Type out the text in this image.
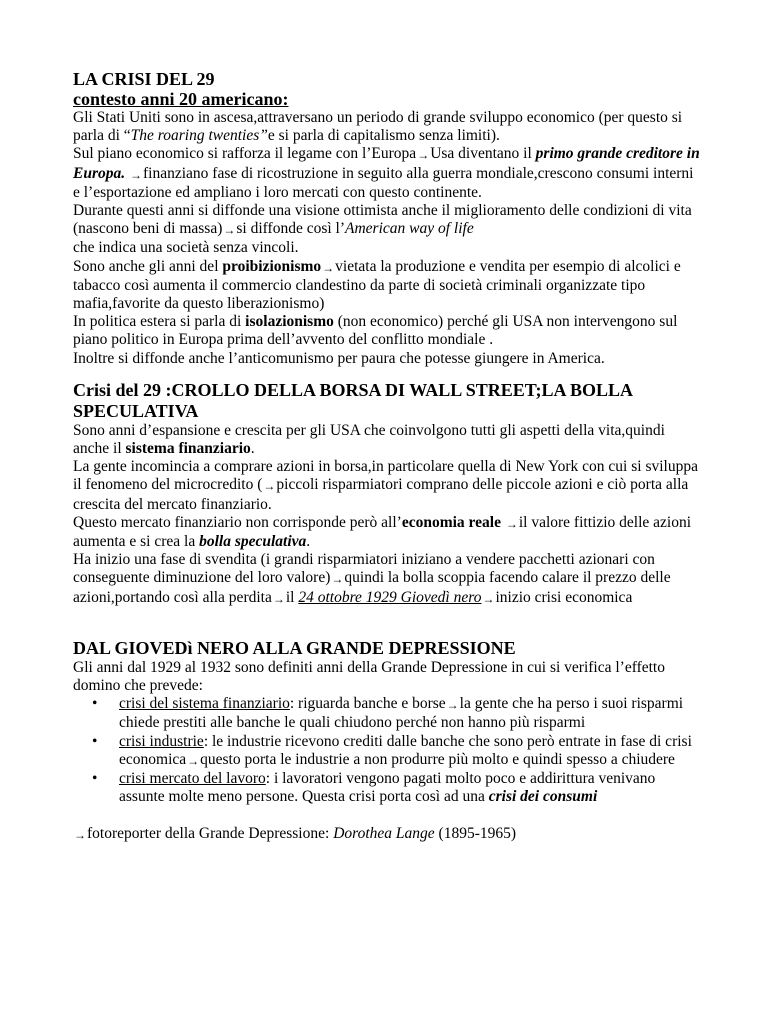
LA CRISI DEL 29
contesto anni 20 americano:

Gli Stati Uniti sono in ascesa,attraversano un periodo di grande sviluppo economico (per questo si parla di “The roaring twenties”e si parla di capitalismo senza limiti).

Sul piano economico si rafforza il legame con l’Europa→Usa diventano il primo grande creditore in Europa. →finanziano fase di ricostruzione in seguito alla guerra mondiale,crescono consumi interni e l’esportazione ed ampliano i loro mercati con questo continente.

Durante questi anni si diffonde una visione ottimista anche il miglioramento delle condizioni di vita (nascono beni di massa)→si diffonde così l’American way of life
che indica una società senza vincoli.

Sono anche gli anni del proibizionismo→vietata la produzione e vendita per esempio di alcolici e tabacco così aumenta il commercio clandestino da parte di società criminali organizzate tipo mafia,favorite da questo liberazionismo)

In politica estera si parla di isolazionismo (non economico) perché gli USA non intervengono sul piano politico in Europa prima dell’avvento del conflitto mondiale .

Inoltre si diffonde anche l’anticomunismo per paura che potesse giungere in America.

Crisi del 29 :CROLLO DELLA BORSA DI WALL STREET;LA BOLLA SPECULATIVA

Sono anni d’espansione e crescita per gli USA che coinvolgono tutti gli aspetti della vita,quindi anche il sistema finanziario.

La gente incomincia a comprare azioni in borsa,in particolare quella di New York con cui si sviluppa il fenomeno del microcredito (→piccoli risparmiatori comprano delle piccole azioni e ciò porta alla crescita del mercato finanziario.

Questo mercato finanziario non corrisponde però all’economia reale →il valore fittizio delle azioni aumenta e si crea la bolla speculativa.

Ha inizio una fase di svendita (i grandi risparmiatori iniziano a vendere pacchetti azionari con conseguente diminuzione del loro valore)→quindi la bolla scoppia facendo calare il prezzo delle azioni,portando così alla perdita→il 24 ottobre 1929 Giovedì nero→inizio crisi economica

DAL GIOVEDì NERO ALLA GRANDE DEPRESSIONE

Gli anni dal 1929 al 1932 sono definiti anni della Grande Depressione in cui si verifica l’effetto domino che prevede:

• crisi del sistema finanziario: riguarda banche e borse→la gente che ha perso i suoi risparmi chiede prestiti alle banche le quali chiudono perché non hanno più risparmi
• crisi industrie: le industrie ricevono crediti dalle banche che sono però entrate in fase di crisi economica→questo porta le industrie a non produrre più molto e quindi spesso a chiudere
• crisi mercato del lavoro: i lavoratori vengono pagati molto poco e addirittura venivano assunte molte meno persone. Questa crisi porta così ad una crisi dei consumi

→fotoreporter della Grande Depressione: Dorothea Lange (1895-1965)
